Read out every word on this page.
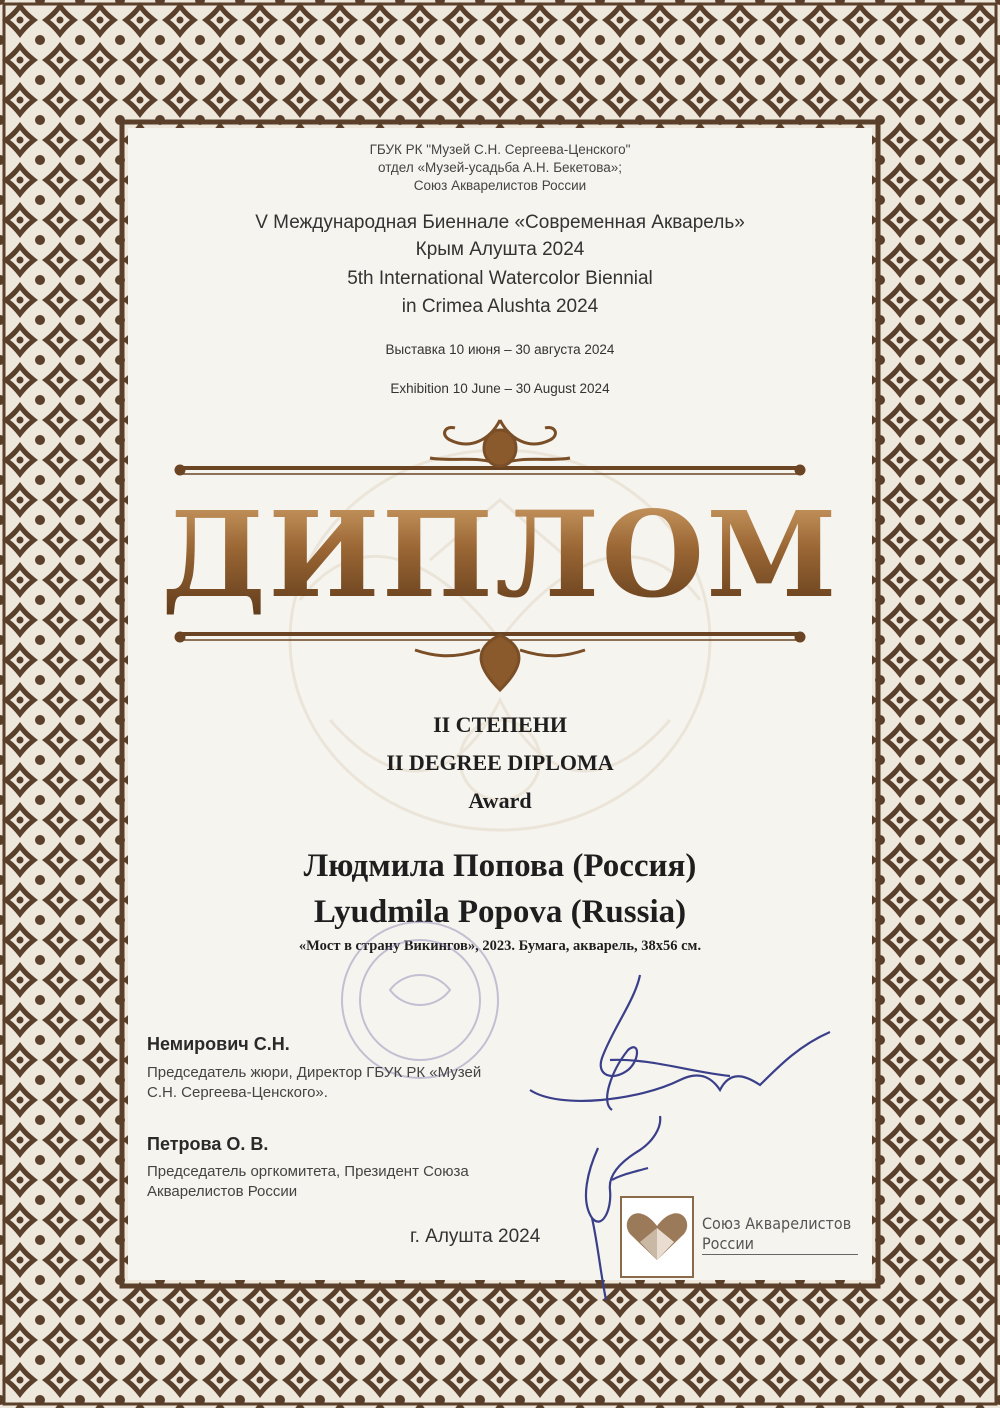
ГБУК РК "Музей С.Н. Сергеева-Ценского"
отдел «Музей-усадьба А.Н. Бекетова»;
Союз Акварелистов России
V Международная Биеннале «Современная Акварель»
Крым Алушта 2024
5th International Watercolor Biennial
in Crimea Alushta 2024
Выставка 10 июня – 30 августа 2024
Exhibition 10 June – 30 August 2024
ДИПЛОМ
II СТЕПЕНИ
II DEGREE DIPLOMA
Award
Людмила Попова (Россия)
Lyudmila Popova (Russia)
«Мост в страну Викингов», 2023. Бумага, акварель, 38х56 см.
Немирович С.Н.
Председатель жюри, Директор ГБУК РК «Музей
С.Н. Сергеева-Ценского».
Петрова О. В.
Председатель оргкомитета, Президент Союза
Акварелистов России
г. Алушта 2024
Союз Акварелистов
России
